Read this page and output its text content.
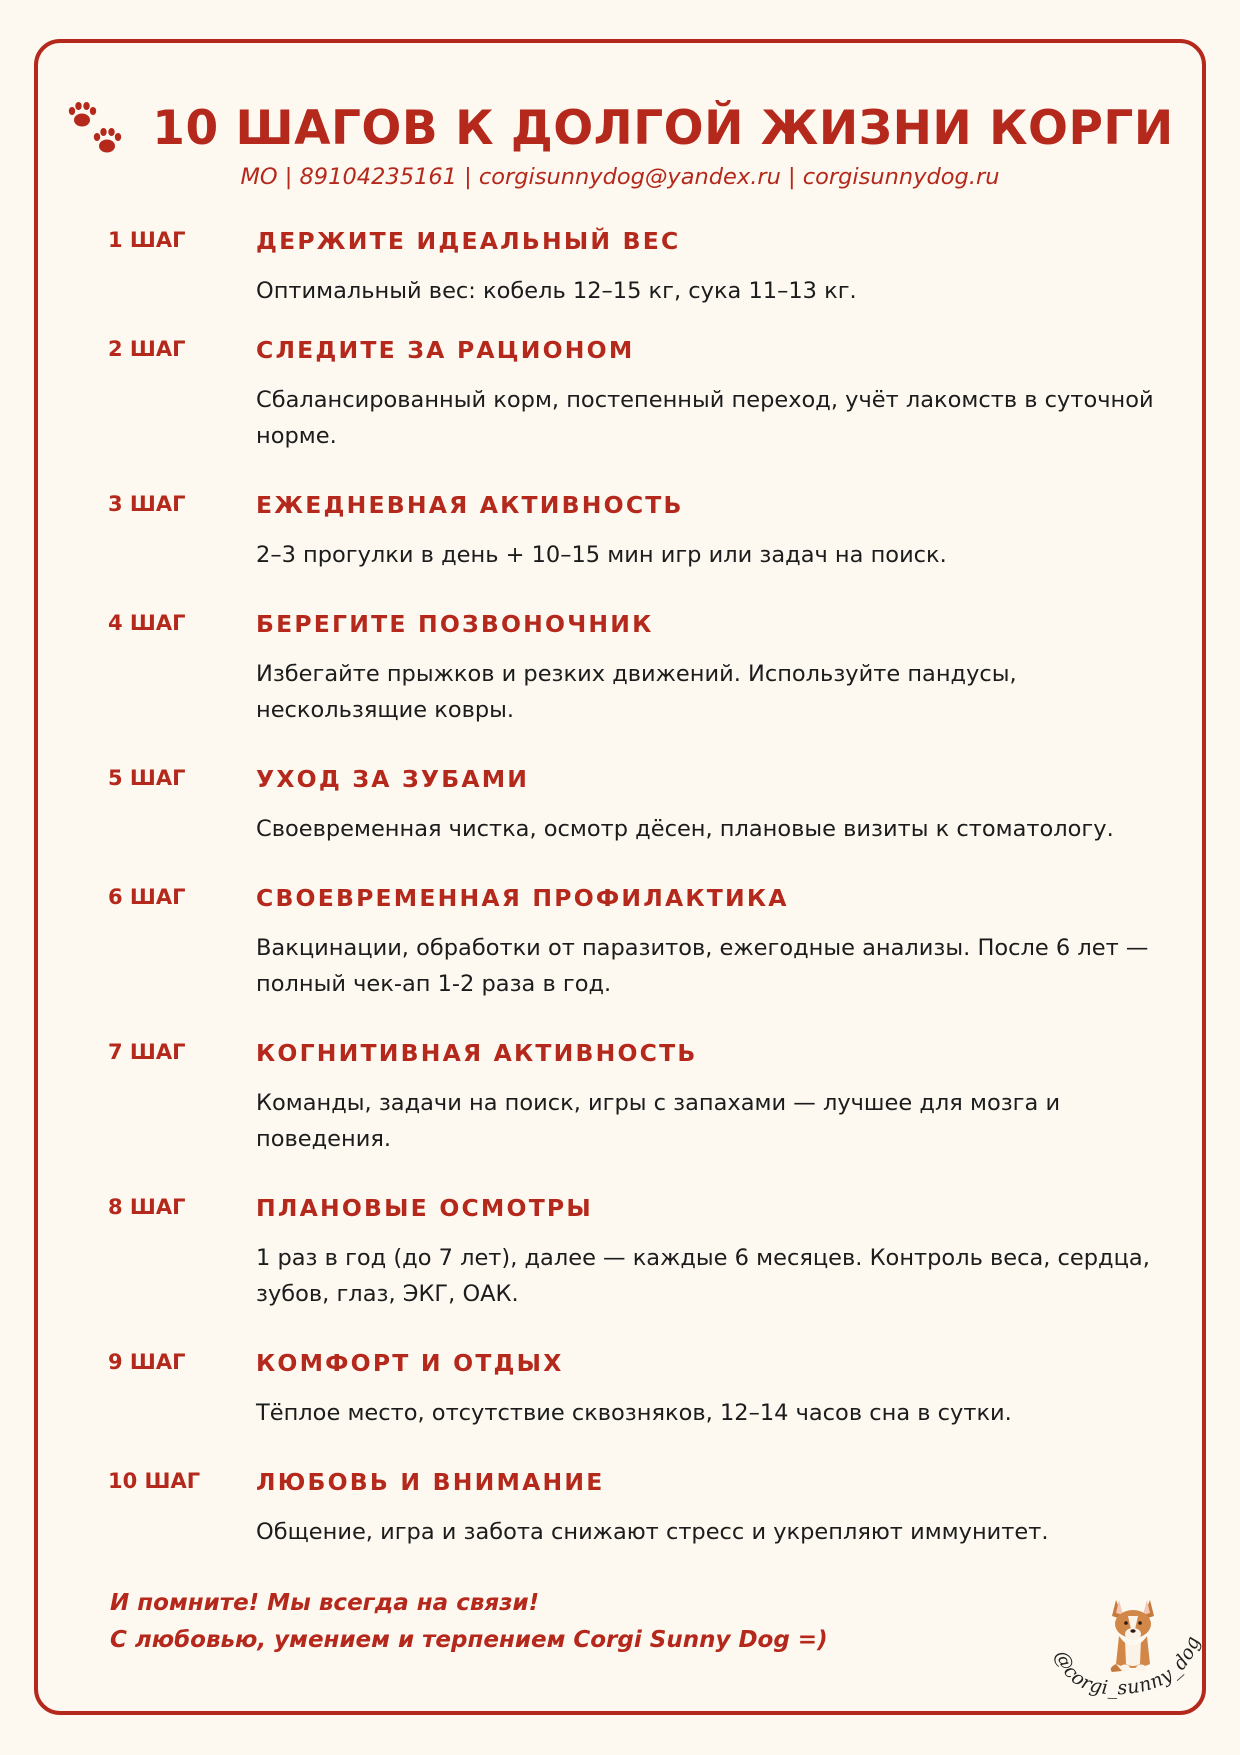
10 ШАГОВ К ДОЛГОЙ ЖИЗНИ КОРГИ
МО | 89104235161 | corgisunnydog@yandex.ru | corgisunnydog.ru
1 ШАГ	ДЕРЖИТЕ ИДЕАЛЬНЫЙ ВЕС
Оптимальный вес: кобель 12–15 кг, сука 11–13 кг.
2 ШАГ	СЛЕДИТЕ ЗА РАЦИОНОМ
Сбалансированный корм, постепенный переход, учёт лакомств в суточной норме.
3 ШАГ	ЕЖЕДНЕВНАЯ АКТИВНОСТЬ
2–3 прогулки в день + 10–15 мин игр или задач на поиск.
4 ШАГ	БЕРЕГИТЕ ПОЗВОНОЧНИК
Избегайте прыжков и резких движений. Используйте пандусы, нескользящие ковры.
5 ШАГ	УХОД ЗА ЗУБАМИ
Своевременная чистка, осмотр дёсен, плановые визиты к стоматологу.
6 ШАГ	СВОЕВРЕМЕННАЯ ПРОФИЛАКТИКА
Вакцинации, обработки от паразитов, ежегодные анализы. После 6 лет — полный чек-ап 1-2 раза в год.
7 ШАГ	КОГНИТИВНАЯ АКТИВНОСТЬ
Команды, задачи на поиск, игры с запахами — лучшее для мозга и поведения.
8 ШАГ	ПЛАНОВЫЕ ОСМОТРЫ
1 раз в год (до 7 лет), далее — каждые 6 месяцев. Контроль веса, сердца, зубов, глаз, ЭКГ, ОАК.
9 ШАГ	КОМФОРТ И ОТДЫХ
Тёплое место, отсутствие сквозняков, 12–14 часов сна в сутки.
10 ШАГ ЛЮБОВЬ И ВНИМАНИЕ
Общение, игра и забота снижают стресс и укрепляют иммунитет.
И помните! Мы всегда на связи!
С любовью, умением и терпением Corgi Sunny Dog =)
@corgi_sunny_dog
